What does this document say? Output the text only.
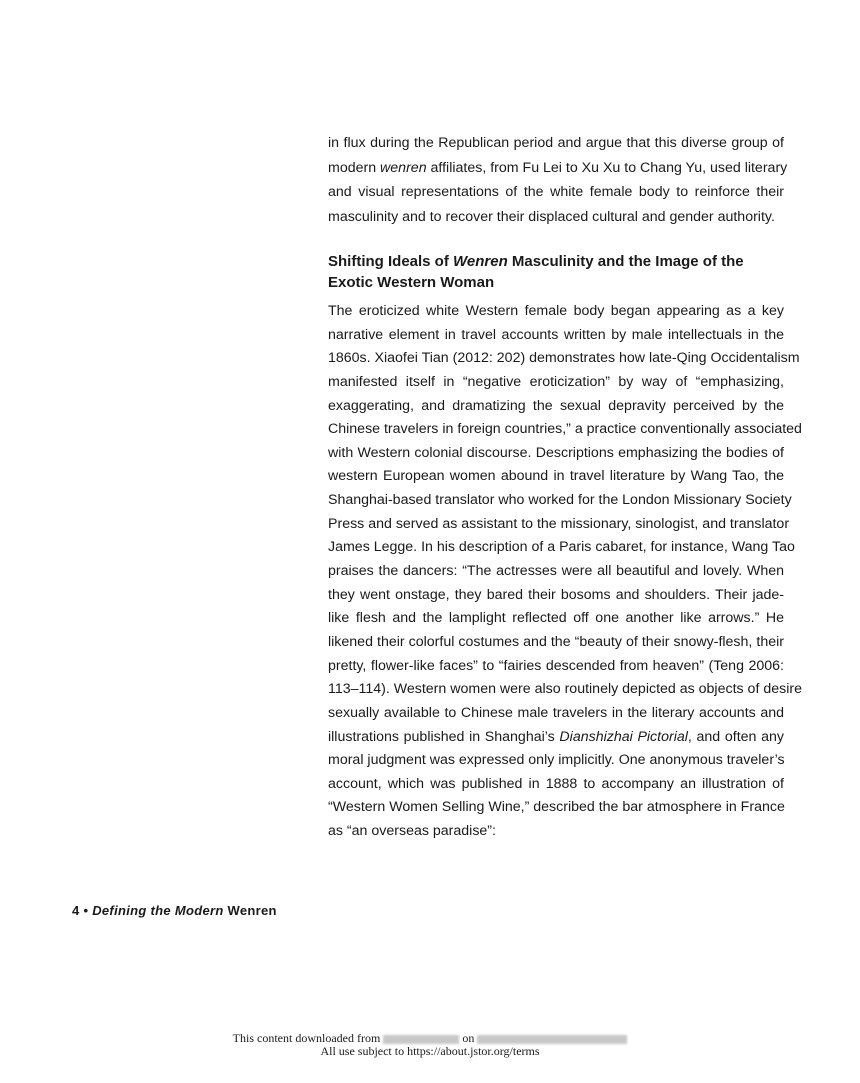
in flux during the Republican period and argue that this diverse group of
modern wenren affiliates, from Fu Lei to Xu Xu to Chang Yu, used literary
and visual representations of the white female body to reinforce their
masculinity and to recover their displaced cultural and gender authority.
Shifting Ideals of Wenren Masculinity and the Image of the
Exotic Western Woman
The eroticized white Western female body began appearing as a key
narrative element in travel accounts written by male intellectuals in the
1860s. Xiaofei Tian (2012: 202) demonstrates how late-Qing Occidentalism
manifested itself in “negative eroticization” by way of “emphasizing,
exaggerating, and dramatizing the sexual depravity perceived by the
Chinese travelers in foreign countries,” a practice conventionally associated
with Western colonial discourse. Descriptions emphasizing the bodies of
western European women abound in travel literature by Wang Tao, the
Shanghai-based translator who worked for the London Missionary Society
Press and served as assistant to the missionary, sinologist, and translator
James Legge. In his description of a Paris cabaret, for instance, Wang Tao
praises the dancers: “The actresses were all beautiful and lovely. When
they went onstage, they bared their bosoms and shoulders. Their jade-
like flesh and the lamplight reflected off one another like arrows.” He
likened their colorful costumes and the “beauty of their snowy-flesh, their
pretty, flower-like faces” to “fairies descended from heaven” (Teng 2006:
113–114). Western women were also routinely depicted as objects of desire
sexually available to Chinese male travelers in the literary accounts and
illustrations published in Shanghai’s Dianshizhai Pictorial, and often any
moral judgment was expressed only implicitly. One anonymous traveler’s
account, which was published in 1888 to accompany an illustration of
“Western Women Selling Wine,” described the bar atmosphere in France
as “an overseas paradise”:
4 • Defining the Modern Wenren
This content downloaded from	on
All use subject to https://about.jstor.org/terms
